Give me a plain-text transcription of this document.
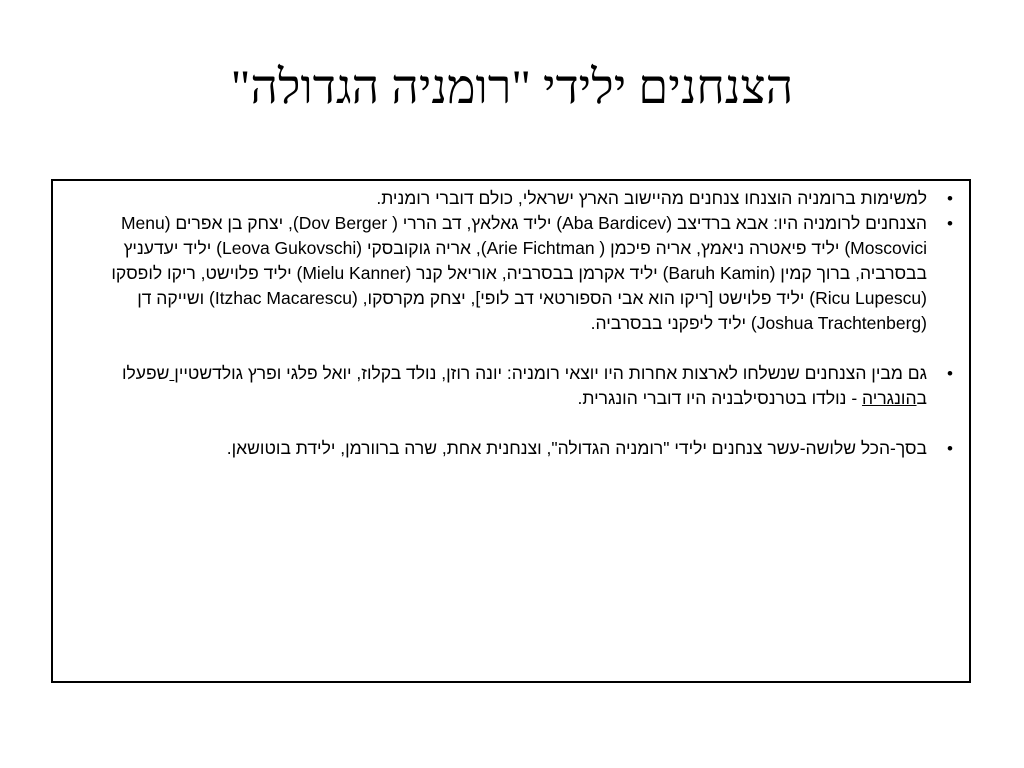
הצנחנים ילידי "רומניה הגדולה"
•
למשימות ברומניה הוצנחו צנחנים מהיישוב הארץ ישראלי, כולם דוברי רומנית.
•
הצנחנים לרומניה היו: אבא ברדיצב (Aba Bardicev) יליד גאלאץ, דב הררי ( Dov Berger), יצחק בן אפרים (Menu Moscovici) יליד פיאטרה ניאמץ, אריה פיכמן ( Arie Fichtman), אריה גוקובסקי (Leova Gukovschi) יליד יעדעניץ בבסרביה, ברוך קמין (Baruh Kamin) יליד אקרמן בבסרביה, אוריאל קנר (Mielu Kanner) יליד פלוישט, ריקו לופסקו (Ricu Lupescu) יליד פלוישט [ריקו הוא אבי הספורטאי דב לופי], יצחק מקרסקו, (Itzhac Macarescu) ושייקה דן (Joshua Trachtenberg) יליד ליפקני בבסרביה.
•
גם מבין הצנחנים שנשלחו לארצות אחרות היו יוצאי רומניה: יונה רוזן, נולד בקלוז, יואל פלגי ופרץ גולדשטיין שפעלו בהונגריה - נולדו בטרנסילבניה היו דוברי הונגרית.
•
בסך-הכל שלושה-עשר צנחנים ילידי "רומניה הגדולה", וצנחנית אחת, שרה ברוורמן, ילידת בוטושאן.
